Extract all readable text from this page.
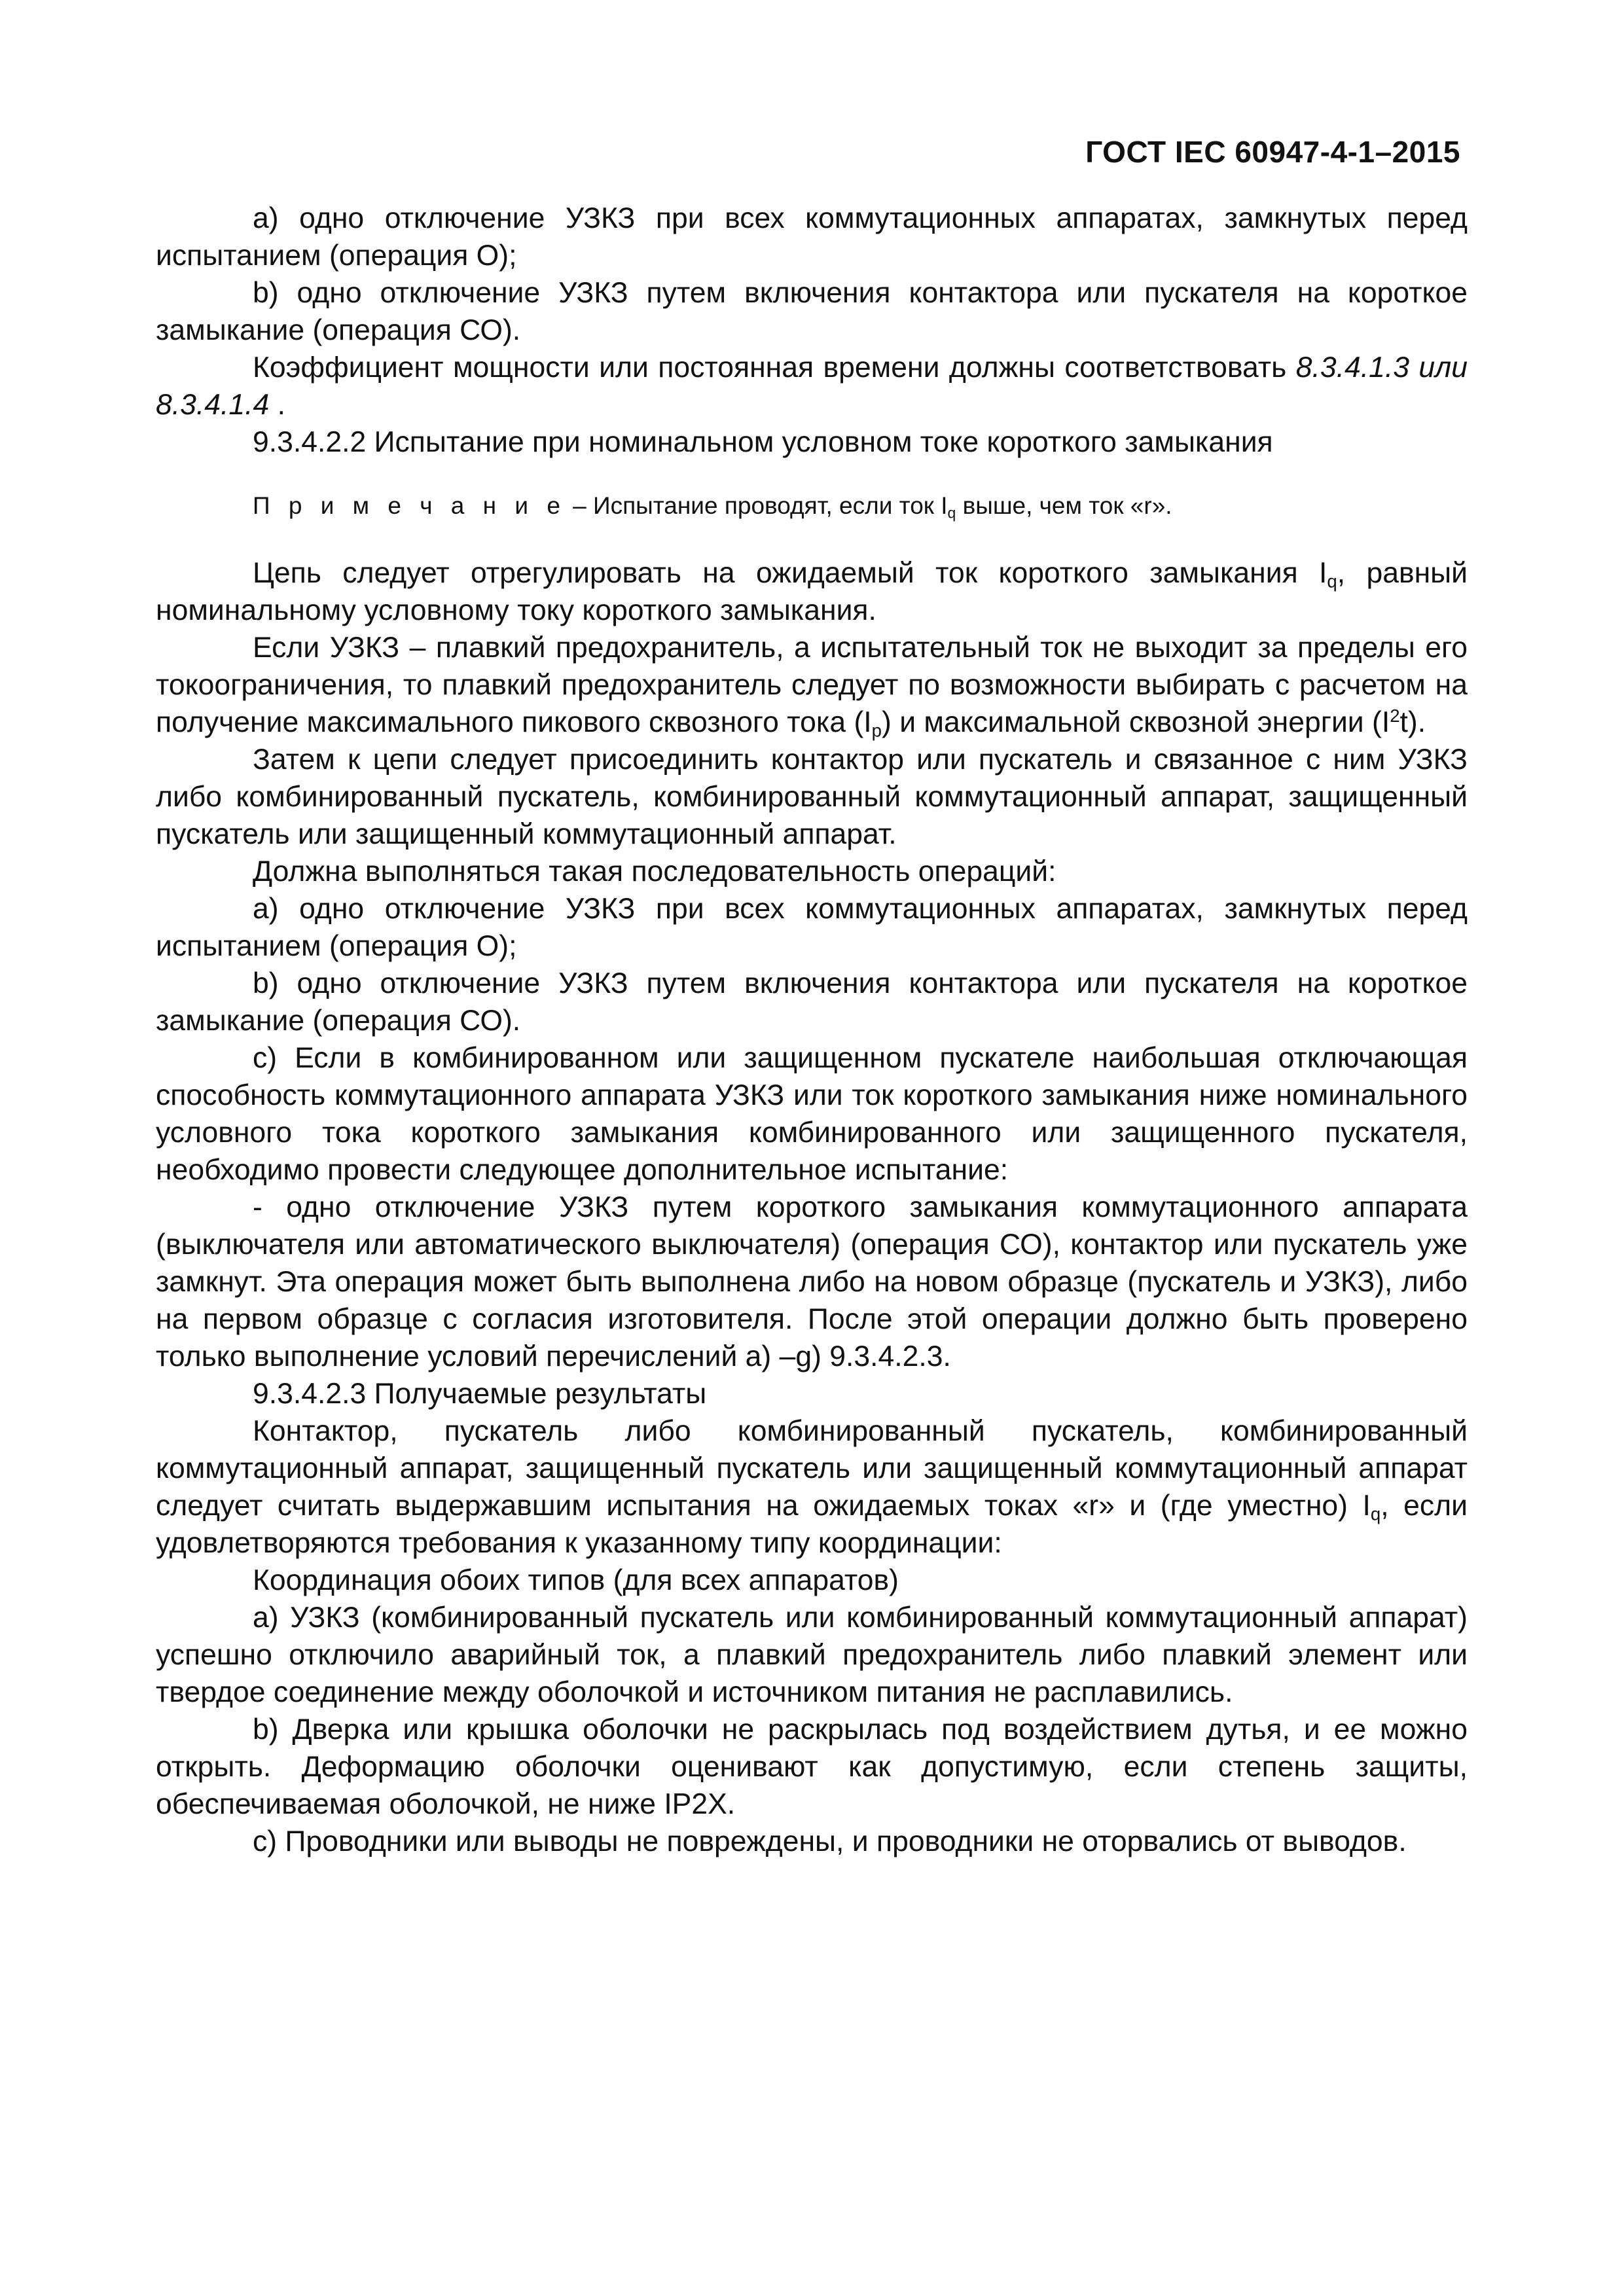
ГОСТ IEC 60947-4-1–2015

а) одно отключение УЗКЗ при всех коммутационных аппаратах, замкнутых перед испытанием (операция О);

b) одно отключение УЗКЗ путем включения контактора или пускателя на короткое замыкание (операция СО).

Коэффициент мощности или постоянная времени должны соответствовать 8.3.4.1.3 или 8.3.4.1.4 .

9.3.4.2.2 Испытание при номинальном условном токе короткого замыкания

П р и м е ч а н и е – Испытание проводят, если ток $I_q$ выше, чем ток «r».

Цепь следует отрегулировать на ожидаемый ток короткого замыкания $I_q$, равный номинальному условному току короткого замыкания.

Если УЗКЗ – плавкий предохранитель, а испытательный ток не выходит за пределы его токоограничения, то плавкий предохранитель следует по возможности выбирать с расчетом на получение максимального пикового сквозного тока $(I_p)$ и максимальной сквозной энергии $(I^2t)$.

Затем к цепи следует присоединить контактор или пускатель и связанное с ним УЗКЗ либо комбинированный пускатель, комбинированный коммутационный аппарат, защищенный пускатель или защищенный коммутационный аппарат.

Должна выполняться такая последовательность операций:

а) одно отключение УЗКЗ при всех коммутационных аппаратах, замкнутых перед испытанием (операция О);

b) одно отключение УЗКЗ путем включения контактора или пускателя на короткое замыкание (операция СО).

с) Если в комбинированном или защищенном пускателе наибольшая отключающая способность коммутационного аппарата УЗКЗ или ток короткого замыкания ниже номинального условного тока короткого замыкания комбинированного или защищенного пускателя, необходимо провести следующее дополнительное испытание:

- одно отключение УЗКЗ путем короткого замыкания коммутационного аппарата (выключателя или автоматического выключателя) (операция СО), контактор или пускатель уже замкнут. Эта операция может быть выполнена либо на новом образце (пускатель и УЗКЗ), либо на первом образце с согласия изготовителя. После этой операции должно быть проверено только выполнение условий перечислений а) –g) 9.3.4.2.3.

9.3.4.2.3 Получаемые результаты

Контактор, пускатель либо комбинированный пускатель, комбинированный коммутационный аппарат, защищенный пускатель или защищенный коммутационный аппарат следует считать выдержавшим испытания на ожидаемых токах «r» и (где уместно) $I_q$, если удовлетворяются требования к указанному типу координации:

Координация обоих типов (для всех аппаратов)

а) УЗКЗ (комбинированный пускатель или комбинированный коммутационный аппарат) успешно отключило аварийный ток, а плавкий предохранитель либо плавкий элемент или твердое соединение между оболочкой и источником питания не расплавились.

b) Дверка или крышка оболочки не раскрылась под воздействием дутья, и ее можно открыть. Деформацию оболочки оценивают как допустимую, если степень защиты, обеспечиваемая оболочкой, не ниже IP2X.

с) Проводники или выводы не повреждены, и проводники не оторвались от выводов.
